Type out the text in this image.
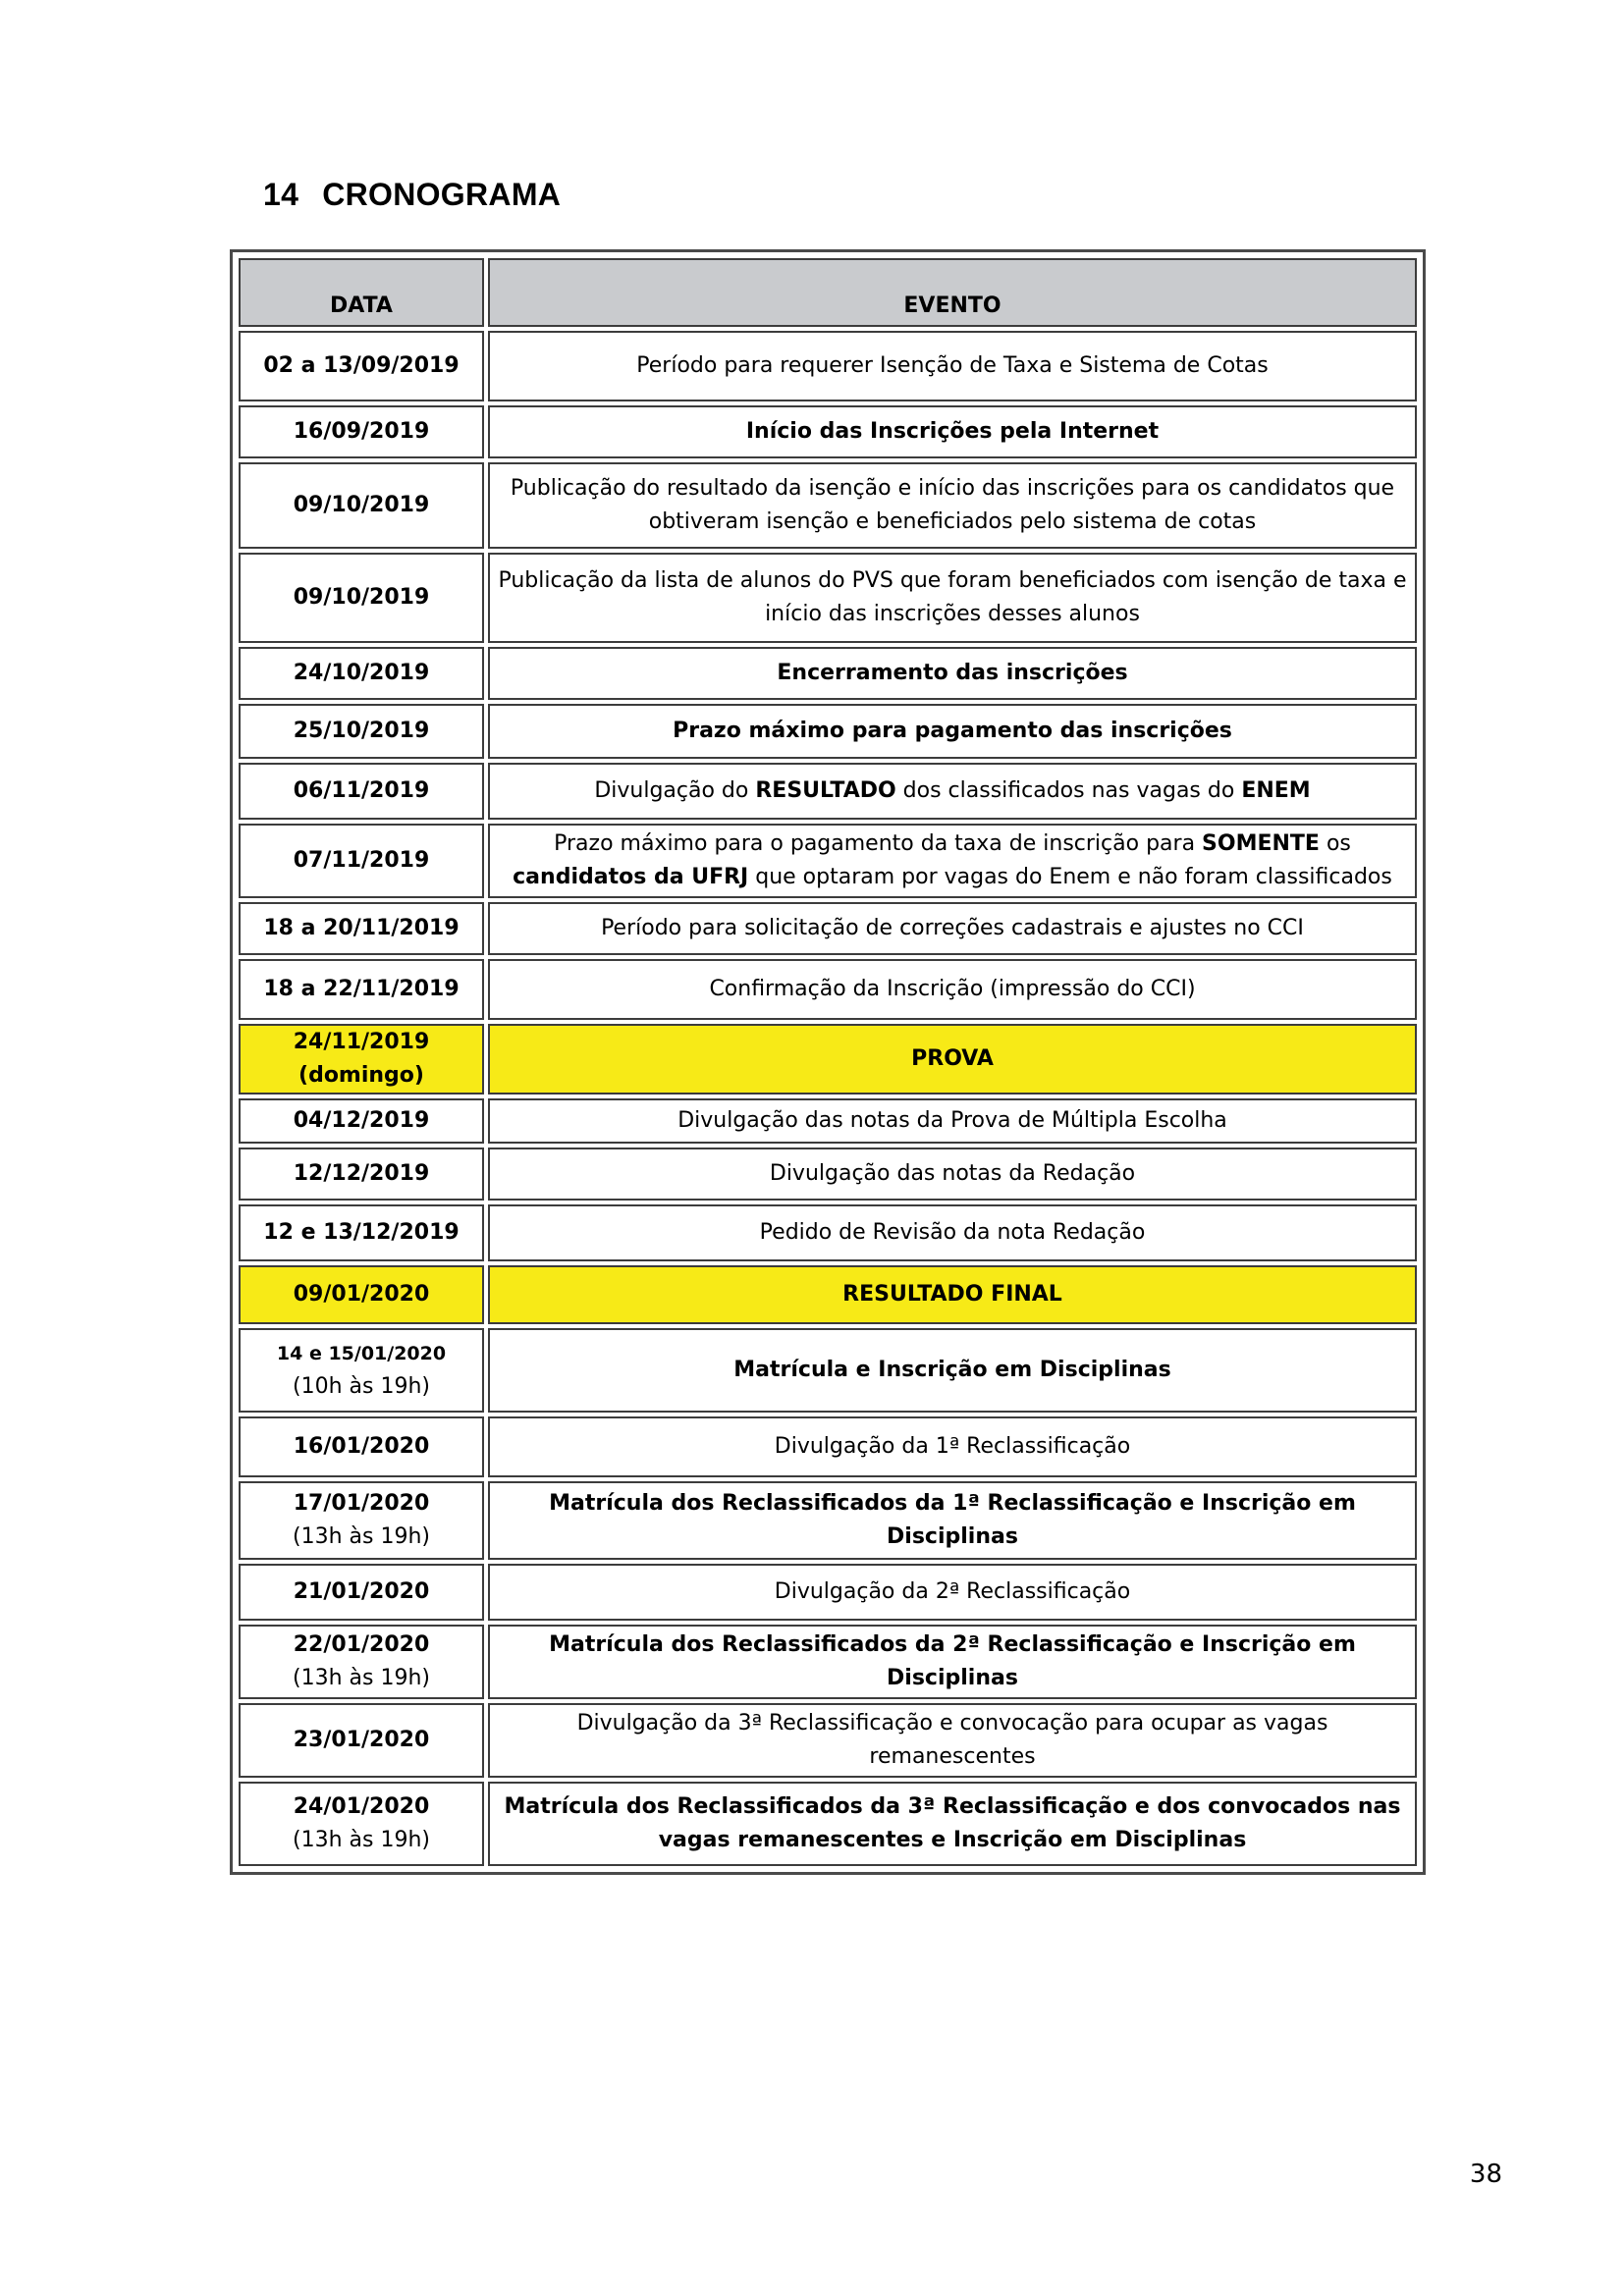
14 CRONOGRAMA
DATA	EVENTO
02 a 13/09/2019	Período para requerer Isenção de Taxa e Sistema de Cotas
16/09/2019	Início das Inscrições pela Internet
09/10/2019	Publicação do resultado da isenção e início das inscrições para os candidatos que obtiveram isenção e beneficiados pelo sistema de cotas
09/10/2019	Publicação da lista de alunos do PVS que foram beneficiados com isenção de taxa e início das inscrições desses alunos
24/10/2019	Encerramento das inscrições
25/10/2019	Prazo máximo para pagamento das inscrições
06/11/2019	Divulgação do RESULTADO dos classificados nas vagas do ENEM
07/11/2019	Prazo máximo para o pagamento da taxa de inscrição para SOMENTE os candidatos da UFRJ que optaram por vagas do Enem e não foram classificados
18 a 20/11/2019	Período para solicitação de correções cadastrais e ajustes no CCI
18 a 22/11/2019	Confirmação da Inscrição (impressão do CCI)
24/11/2019
(domingo)	PROVA
04/12/2019	Divulgação das notas da Prova de Múltipla Escolha
12/12/2019	Divulgação das notas da Redação
12 e 13/12/2019	Pedido de Revisão da nota Redação
09/01/2020	RESULTADO FINAL
14 e 15/01/2020
(10h às 19h)	Matrícula e Inscrição em Disciplinas
16/01/2020	Divulgação da 1ª Reclassificação
17/01/2020
(13h às 19h)	Matrícula dos Reclassificados da 1ª Reclassificação e Inscrição em Disciplinas
21/01/2020	Divulgação da 2ª Reclassificação
22/01/2020
(13h às 19h)	Matrícula dos Reclassificados da 2ª Reclassificação e Inscrição em Disciplinas
23/01/2020	Divulgação da 3ª Reclassificação e convocação para ocupar as vagas remanescentes
24/01/2020
(13h às 19h)	Matrícula dos Reclassificados da 3ª Reclassificação e dos convocados nas vagas remanescentes e Inscrição em Disciplinas
38
